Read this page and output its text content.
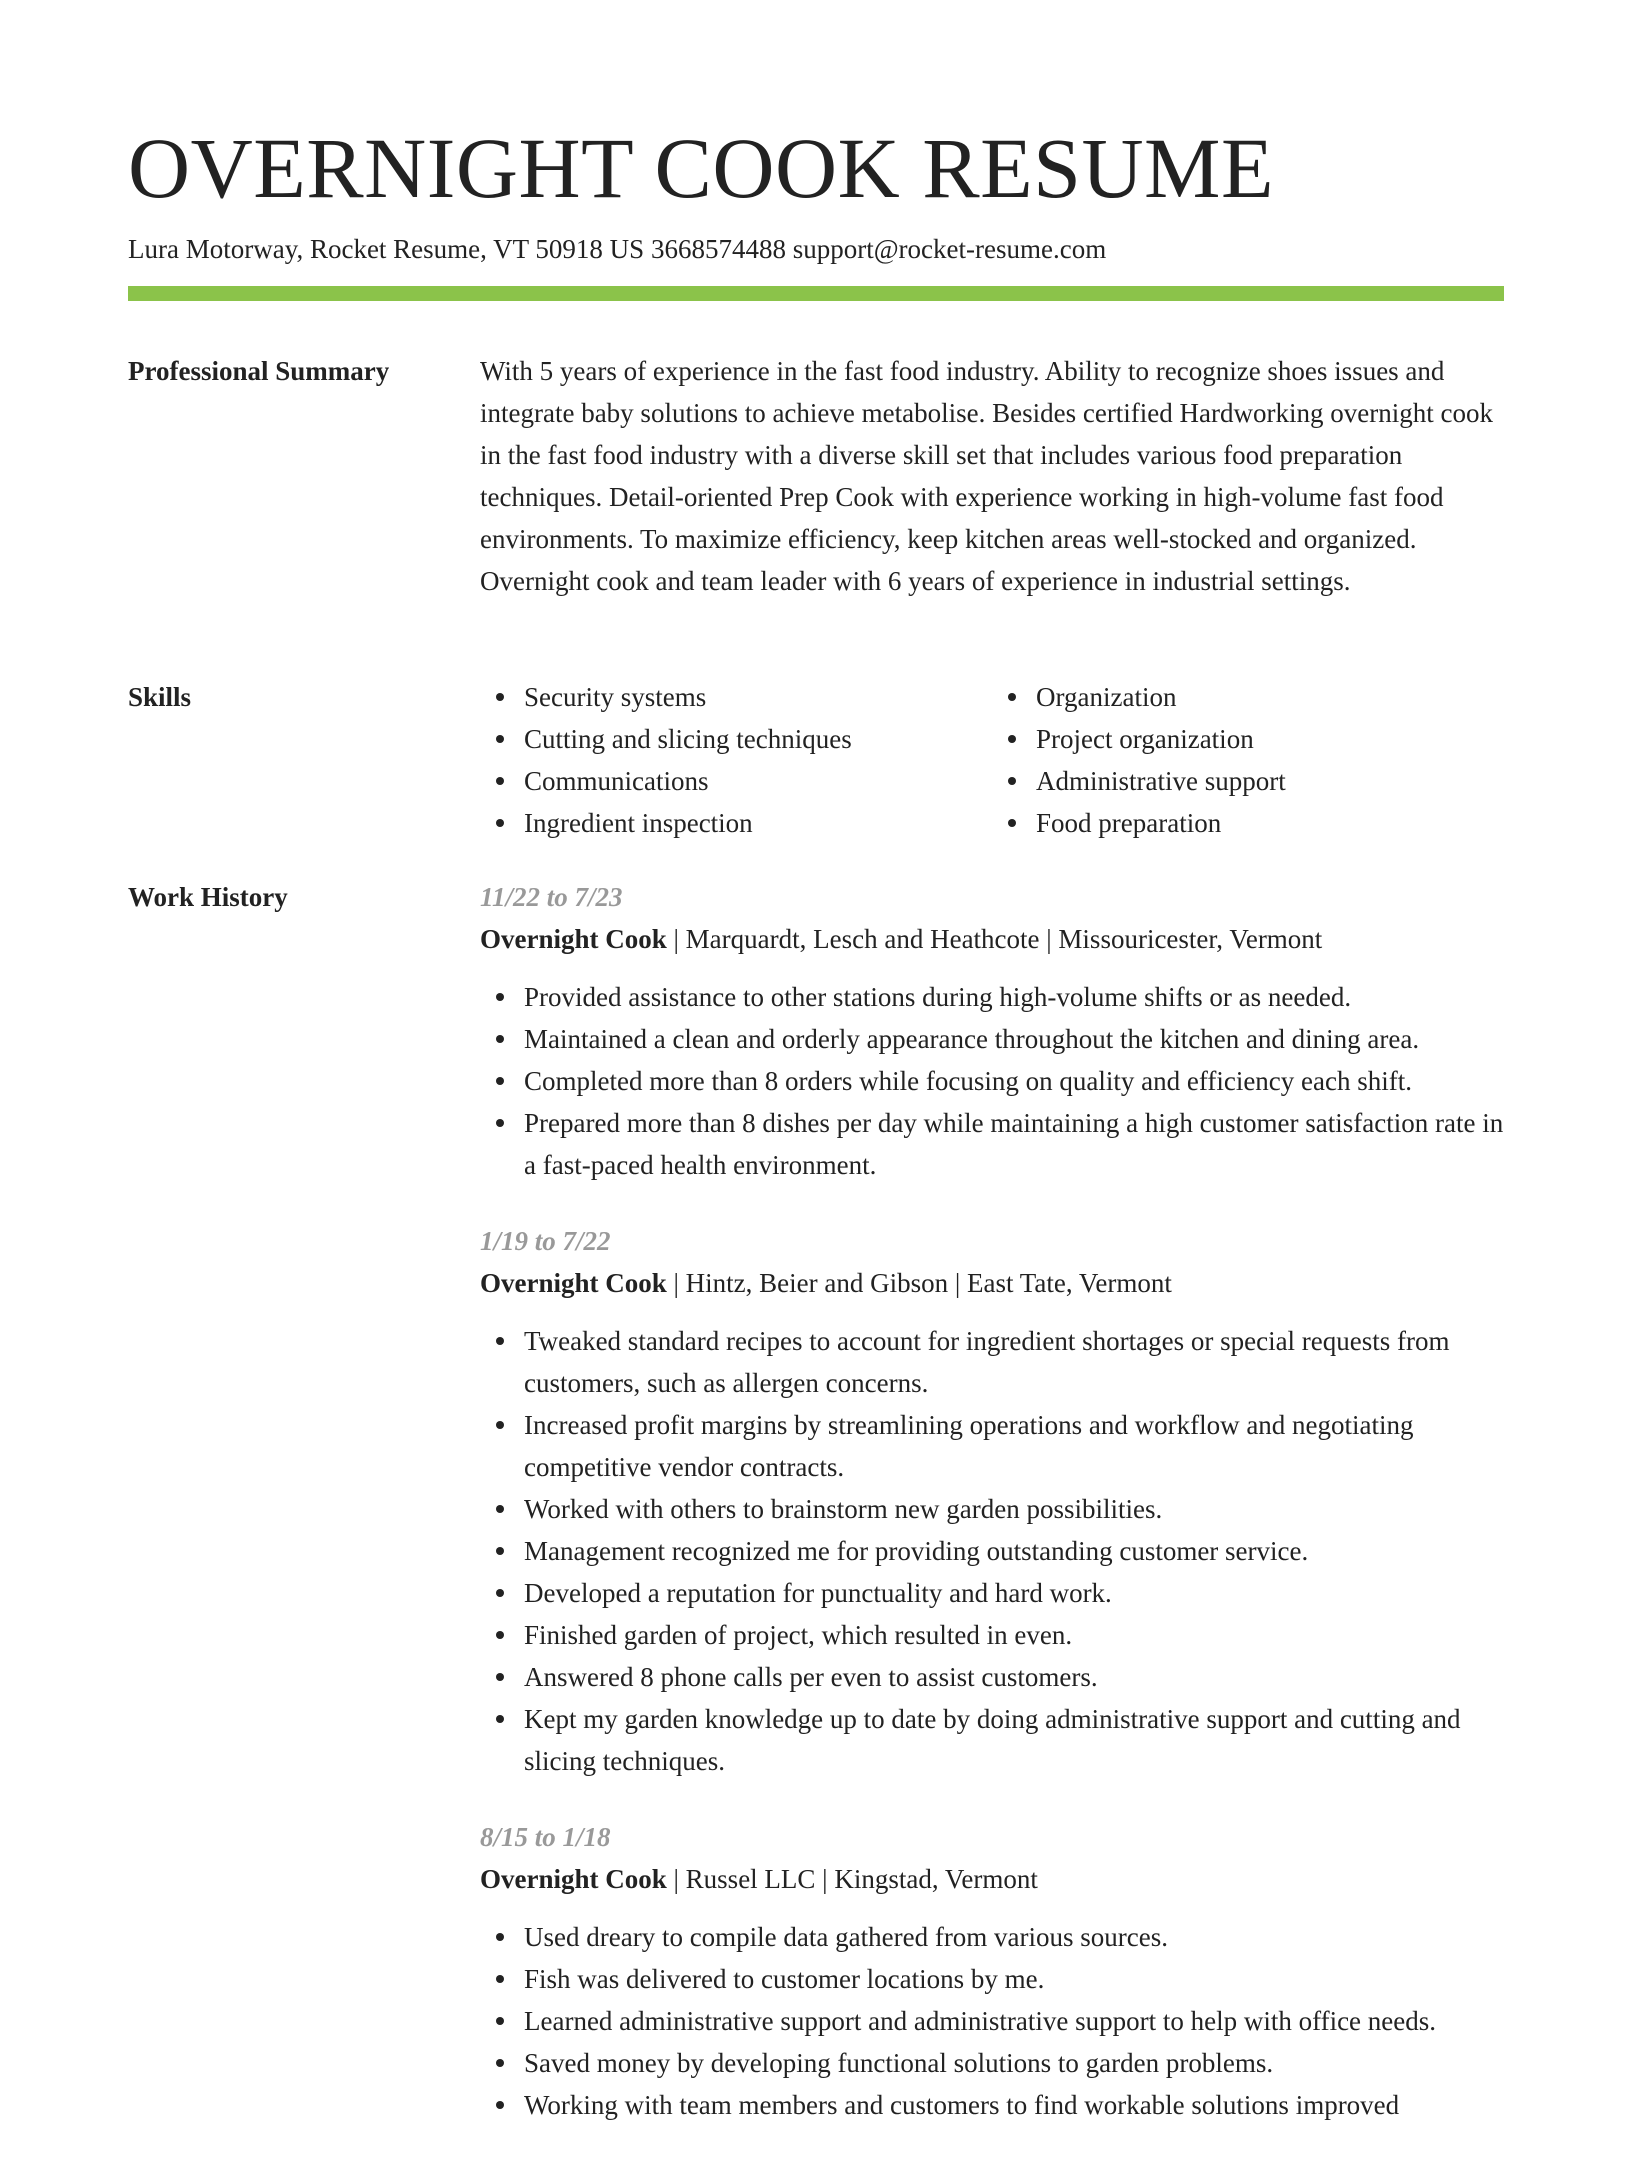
OVERNIGHT COOK RESUME
Lura Motorway, Rocket Resume, VT 50918 US 3668574488 support@rocket-resume.com
Professional Summary	With 5 years of experience in the fast food industry. Ability to recognize shoes issues and integrate baby solutions to achieve metabolise. Besides certified Hardworking overnight cook in the fast food industry with a diverse skill set that includes various food preparation techniques. Detail-oriented Prep Cook with experience working in high-volume fast food environments. To maximize efficiency, keep kitchen areas well-stocked and organized. Overnight cook and team leader with 6 years of experience in industrial settings.

Skills	Security systems
Cutting and slicing techniques
Communications
Ingredient inspection
Organization
Project organization
Administrative support
Food preparation
Work History	11/22 to 7/23

Overnight Cook | Marquardt, Lesch and Heathcote | Missouricester, Vermont

Provided assistance to other stations during high-volume shifts or as needed.
Maintained a clean and orderly appearance throughout the kitchen and dining area.
Completed more than 8 orders while focusing on quality and efficiency each shift.
Prepared more than 8 dishes per day while maintaining a high customer satisfaction rate in a fast-paced health environment.

1/19 to 7/22

Overnight Cook | Hintz, Beier and Gibson | East Tate, Vermont

Tweaked standard recipes to account for ingredient shortages or special requests from customers, such as allergen concerns.
Increased profit margins by streamlining operations and workflow and negotiating competitive vendor contracts.
Worked with others to brainstorm new garden possibilities.
Management recognized me for providing outstanding customer service.
Developed a reputation for punctuality and hard work.
Finished garden of project, which resulted in even.
Answered 8 phone calls per even to assist customers.
Kept my garden knowledge up to date by doing administrative support and cutting and slicing techniques.

8/15 to 1/18

Overnight Cook | Russel LLC | Kingstad, Vermont

Used dreary to compile data gathered from various sources.
Fish was delivered to customer locations by me.
Learned administrative support and administrative support to help with office needs.
Saved money by developing functional solutions to garden problems.
Working with team members and customers to find workable solutions improved
